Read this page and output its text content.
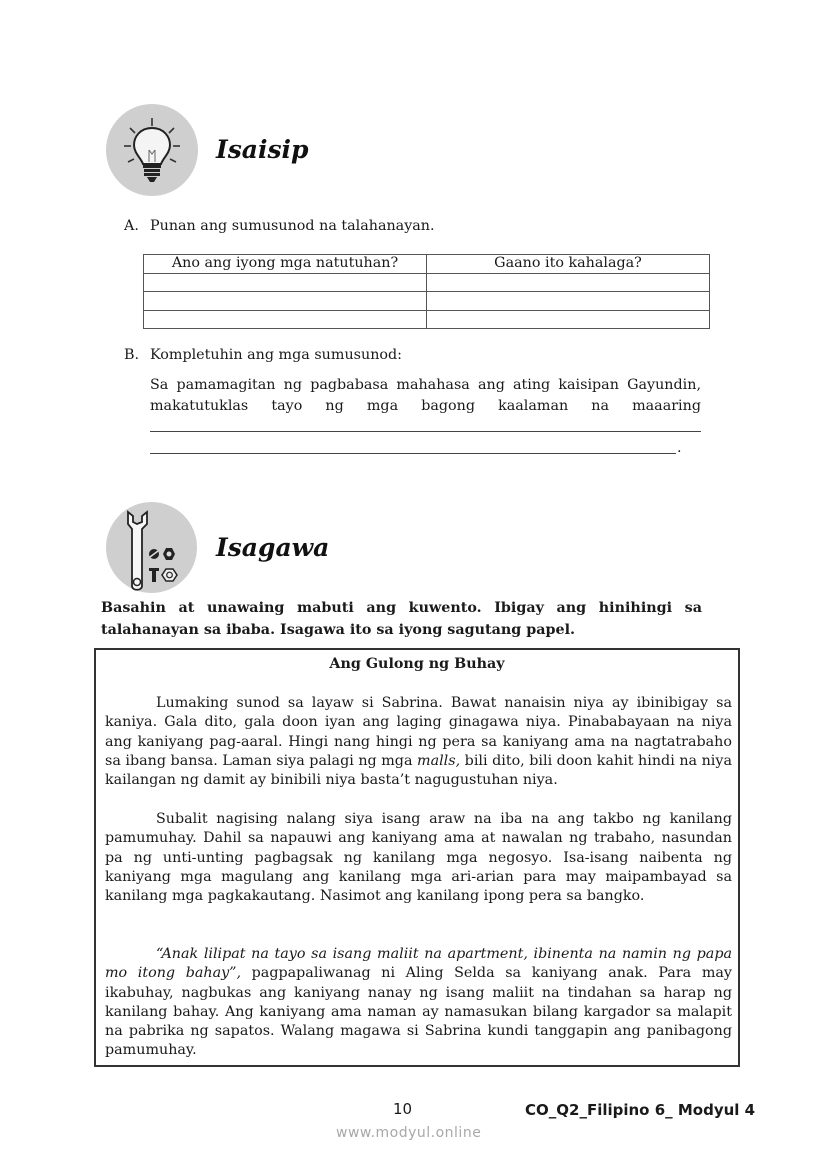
Isaisip
A. Punan ang sumusunod na talahanayan.
Ano ang iyong mga natutuhan?	Gaano ito kahalaga?

B. Kompletuhin ang mga sumusunod:
Sa pamamagitan ng pagbabasa mahahasa ang ating kaisipan Gayundin,
makatutuklas tayo ng mga bagong kaalaman na maaaring
.
Isagawa
Basahin at unawaing mabuti ang kuwento. Ibigay ang hinihingi sa talahanayan sa ibaba. Isagawa ito sa iyong sagutang papel.
Ang Gulong ng Buhay
Lumaking sunod sa layaw si Sabrina. Bawat nanaisin niya ay ibinibigay sa kaniya. Gala dito, gala doon iyan ang laging ginagawa niya. Pinababayaan na niya ang kaniyang pag-aaral. Hingi nang hingi ng pera sa kaniyang ama na nagtatrabaho sa ibang bansa. Laman siya palagi ng mga malls, bili dito, bili doon kahit hindi na niya kailangan ng damit ay binibili niya basta’t nagugustuhan niya.
Subalit nagising nalang siya isang araw na iba na ang takbo ng kanilang pamumuhay. Dahil sa napauwi ang kaniyang ama at nawalan ng trabaho, nasundan pa ng unti-unting pagbagsak ng kanilang mga negosyo. Isa-isang naibenta ng kaniyang mga magulang ang kanilang mga ari-arian para may maipambayad sa kanilang mga pagkakautang. Nasimot ang kanilang ipong pera sa bangko.
“Anak lilipat na tayo sa isang maliit na apartment, ibinenta na namin ng papa mo itong bahay”, pagpapaliwanag ni Aling Selda sa kaniyang anak. Para may ikabuhay, nagbukas ang kaniyang nanay ng isang maliit na tindahan sa harap ng kanilang bahay. Ang kaniyang ama naman ay namasukan bilang kargador sa malapit na pabrika ng sapatos. Walang magawa si Sabrina kundi tanggapin ang panibagong pamumuhay.
10	CO_Q2_Filipino 6_ Modyul 4
www.modyul.online
